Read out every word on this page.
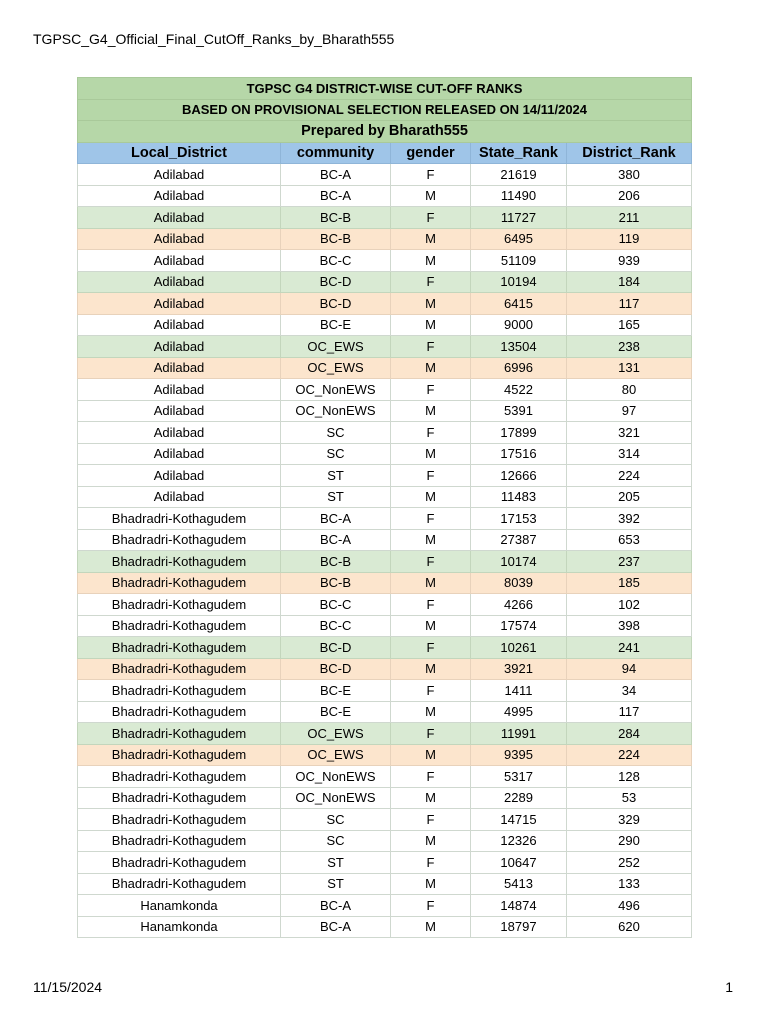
TGPSC_G4_Official_Final_CutOff_Ranks_by_Bharath555
TGPSC G4 DISTRICT-WISE CUT-OFF RANKS				
BASED ON PROVISIONAL SELECTION RELEASED ON 14/11/2024				
Prepared by Bharath555				
Local_District	community	gender	State_Rank	District_Rank
Adilabad	BC-A	F	21619	380
Adilabad	BC-A	M	11490	206
Adilabad	BC-B	F	11727	211
Adilabad	BC-B	M	6495	119
Adilabad	BC-C	M	51109	939
Adilabad	BC-D	F	10194	184
Adilabad	BC-D	M	6415	117
Adilabad	BC-E	M	9000	165
Adilabad	OC_EWS	F	13504	238
Adilabad	OC_EWS	M	6996	131
Adilabad	OC_NonEWS	F	4522	80
Adilabad	OC_NonEWS	M	5391	97
Adilabad	SC	F	17899	321
Adilabad	SC	M	17516	314
Adilabad	ST	F	12666	224
Adilabad	ST	M	11483	205
Bhadradri-Kothagudem	BC-A	F	17153	392
Bhadradri-Kothagudem	BC-A	M	27387	653
Bhadradri-Kothagudem	BC-B	F	10174	237
Bhadradri-Kothagudem	BC-B	M	8039	185
Bhadradri-Kothagudem	BC-C	F	4266	102
Bhadradri-Kothagudem	BC-C	M	17574	398
Bhadradri-Kothagudem	BC-D	F	10261	241
Bhadradri-Kothagudem	BC-D	M	3921	94
Bhadradri-Kothagudem	BC-E	F	1411	34
Bhadradri-Kothagudem	BC-E	M	4995	117
Bhadradri-Kothagudem	OC_EWS	F	11991	284
Bhadradri-Kothagudem	OC_EWS	M	9395	224
Bhadradri-Kothagudem	OC_NonEWS	F	5317	128
Bhadradri-Kothagudem	OC_NonEWS	M	2289	53
Bhadradri-Kothagudem	SC	F	14715	329
Bhadradri-Kothagudem	SC	M	12326	290
Bhadradri-Kothagudem	ST	F	10647	252
Bhadradri-Kothagudem	ST	M	5413	133
Hanamkonda	BC-A	F	14874	496
Hanamkonda	BC-A	M	18797	620
11/15/2024	1
